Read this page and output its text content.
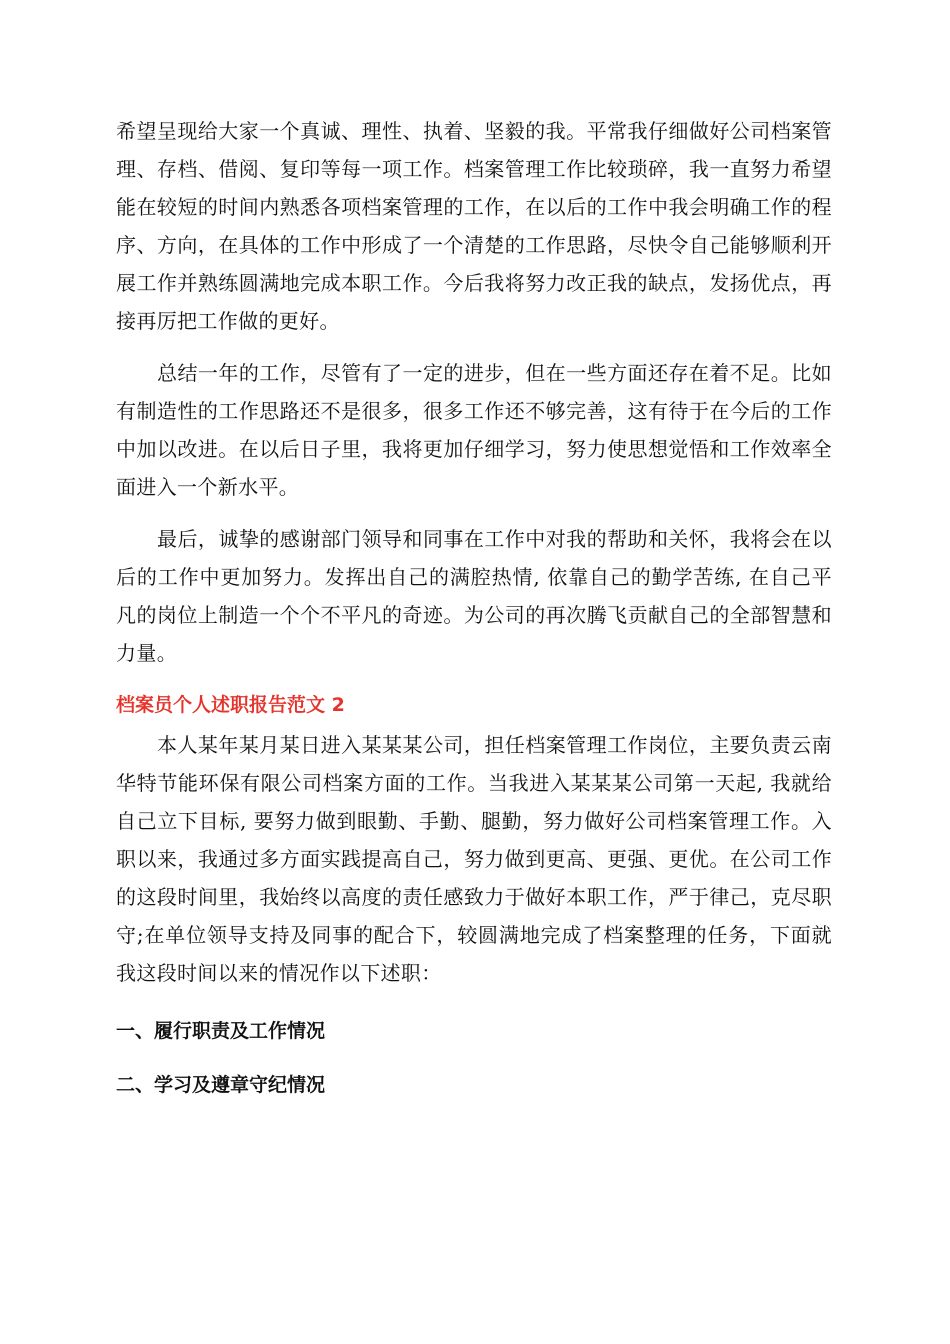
希望呈现给大家一个真诚、理性、执着、坚毅的我。平常我仔细做好公司档案管理、存档、借阅、复印等每一项工作。档案管理工作比较琐碎，我一直努力希望能在较短的时间内熟悉各项档案管理的工作，在以后的工作中我会明确工作的程序、方向，在具体的工作中形成了一个清楚的工作思路，尽快令自己能够顺利开展工作并熟练圆满地完成本职工作。今后我将努力改正我的缺点，发扬优点，再接再厉把工作做的更好。

总结一年的工作，尽管有了一定的进步，但在一些方面还存在着不足。比如有制造性的工作思路还不是很多，很多工作还不够完善，这有待于在今后的工作中加以改进。在以后日子里，我将更加仔细学习，努力使思想觉悟和工作效率全面进入一个新水平。

最后，诚挚的感谢部门领导和同事在工作中对我的帮助和关怀，我将会在以后的工作中更加努力。发挥出自己的满腔热情, 依靠自己的勤学苦练, 在自己平凡的岗位上制造一个个不平凡的奇迹。为公司的再次腾飞贡献自己的全部智慧和力量。

档案员个人述职报告范文 2

本人某年某月某日进入某某某公司，担任档案管理工作岗位，主要负责云南华特节能环保有限公司档案方面的工作。当我进入某某某公司第一天起, 我就给自己立下目标, 要努力做到眼勤、手勤、腿勤，努力做好公司档案管理工作。入职以来，我通过多方面实践提高自己，努力做到更高、更强、更优。在公司工作的这段时间里，我始终以高度的责任感致力于做好本职工作，严于律己，克尽职守;在单位领导支持及同事的配合下，较圆满地完成了档案整理的任务，下面就我这段时间以来的情况作以下述职：

一、履行职责及工作情况
二、学习及遵章守纪情况
